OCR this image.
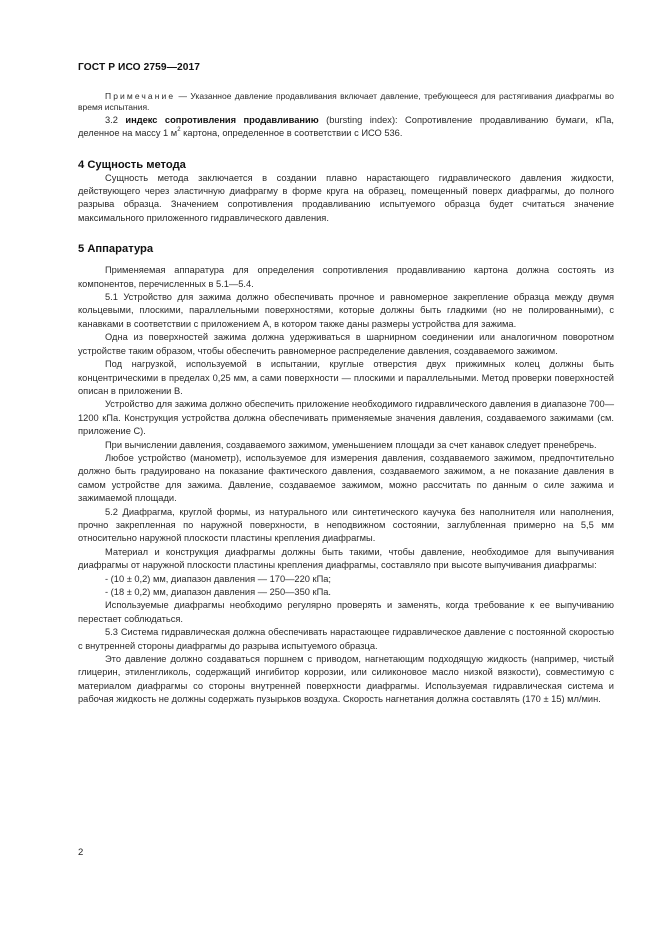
ГОСТ Р ИСО 2759—2017

Примечание — Указанное давление продавливания включает давление, требующееся для растягивания диафрагмы во время испытания.

3.2 индекс сопротивления продавливанию (bursting index): Сопротивление продавливанию бумаги, кПа, деленное на массу 1 $м^2$ картона, определенное в соответствии с ИСО 536.

4 Сущность метода

Сущность метода заключается в создании плавно нарастающего гидравлического давления жидкости, действующего через эластичную диафрагму в форме круга на образец, помещенный поверх диафрагмы, до полного разрыва образца. Значением сопротивления продавливанию испытуемого образца будет считаться значение максимального приложенного гидравлического давления.

5 Аппаратура

Применяемая аппаратура для определения сопротивления продавливанию картона должна состоять из компонентов, перечисленных в 5.1—5.4.

5.1 Устройство для зажима должно обеспечивать прочное и равномерное закрепление образца между двумя кольцевыми, плоскими, параллельными поверхностями, которые должны быть гладкими (но не полированными), с канавками в соответствии с приложением А, в котором также даны размеры устройства для зажима.

Одна из поверхностей зажима должна удерживаться в шарнирном соединении или аналогичном поворотном устройстве таким образом, чтобы обеспечить равномерное распределение давления, создаваемого зажимом.

Под нагрузкой, используемой в испытании, круглые отверстия двух прижимных колец должны быть концентрическими в пределах 0,25 мм, а сами поверхности — плоскими и параллельными. Метод проверки поверхностей описан в приложении В.

Устройство для зажима должно обеспечить приложение необходимого гидравлического давления в диапазоне 700—1200 кПа. Конструкция устройства должна обеспечивать применяемые значения давления, создаваемого зажимами (см. приложение С).

При вычислении давления, создаваемого зажимом, уменьшением площади за счет канавок следует пренебречь.

Любое устройство (манометр), используемое для измерения давления, создаваемого зажимом, предпочтительно должно быть градуировано на показание фактического давления, создаваемого зажимом, а не показание давления в самом устройстве для зажима. Давление, создаваемое зажимом, можно рассчитать по данным о силе зажима и зажимаемой площади.

5.2 Диафрагма, круглой формы, из натурального или синтетического каучука без наполнителя или наполнения, прочно закрепленная по наружной поверхности, в неподвижном состоянии, заглубленная примерно на 5,5 мм относительно наружной плоскости пластины крепления диафрагмы.

Материал и конструкция диафрагмы должны быть такими, чтобы давление, необходимое для выпучивания диафрагмы от наружной плоскости пластины крепления диафрагмы, составляло при высоте выпучивания диафрагмы:

- (10 ± 0,2) мм, диапазон давления — 170—220 кПа;

- (18 ± 0,2) мм, диапазон давления — 250—350 кПа.

Используемые диафрагмы необходимо регулярно проверять и заменять, когда требование к ее выпучиванию перестает соблюдаться.

5.3 Система гидравлическая должна обеспечивать нарастающее гидравлическое давление с постоянной скоростью с внутренней стороны диафрагмы до разрыва испытуемого образца.

Это давление должно создаваться поршнем с приводом, нагнетающим подходящую жидкость (например, чистый глицерин, этиленгликоль, содержащий ингибитор коррозии, или силиконовое масло низкой вязкости), совместимую с материалом диафрагмы со стороны внутренней поверхности диафрагмы. Используемая гидравлическая система и рабочая жидкость не должны содержать пузырьков воздуха. Скорость нагнетания должна составлять (170 ± 15) мл/мин.

2
